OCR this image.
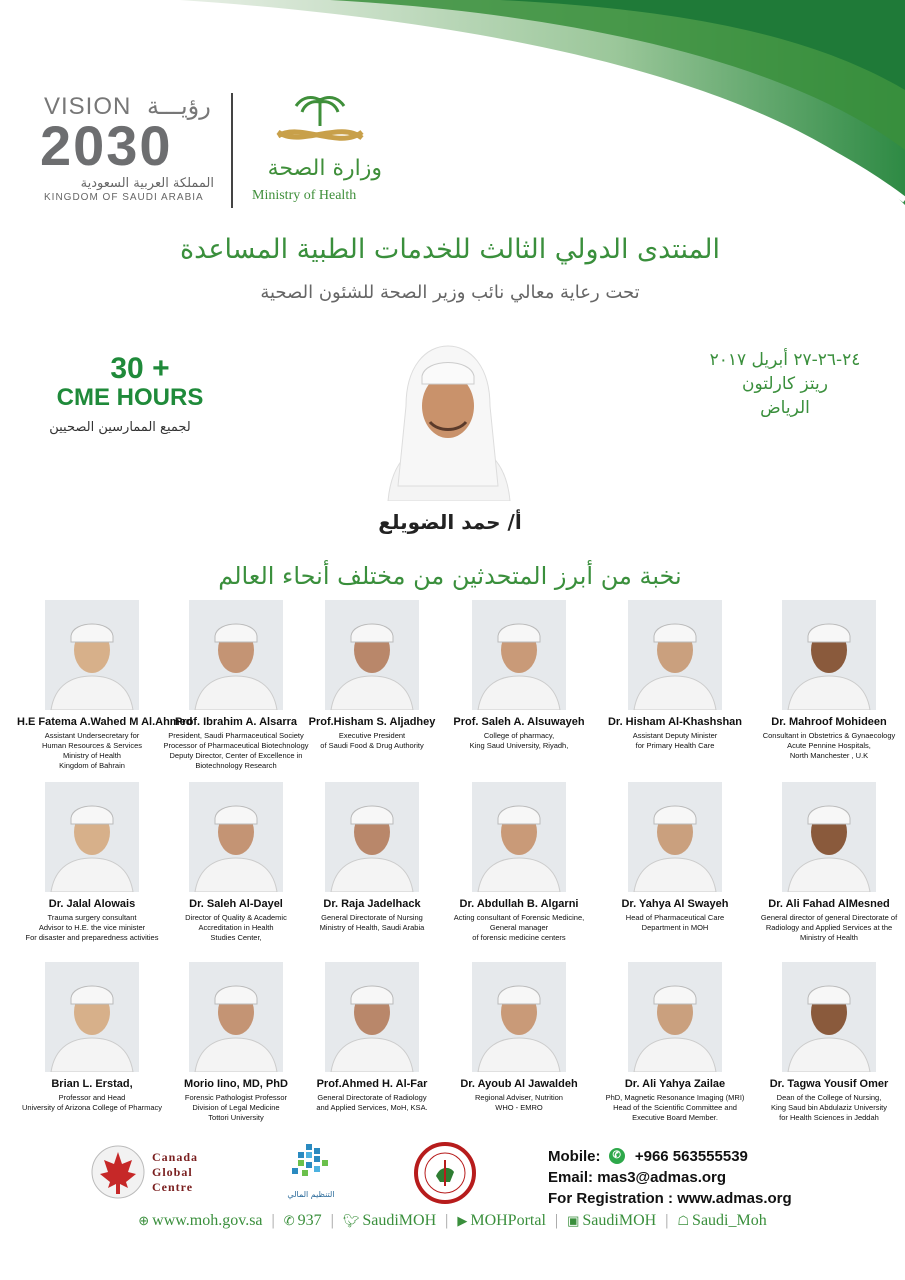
VISION رؤيـــة
2030
المملكة العربية السعودية
KINGDOM OF SAUDI ARABIA
وزارة الصحة
Ministry of Health
المنتدى الدولي الثالث للخدمات الطبية المساعدة
تحت رعاية معالي نائب وزير الصحة للشئون الصحية
30 +
CME HOURS
لجميع الممارسين الصحيين
٢٤-٢٦-٢٧ أبريل ٢٠١٧
ريتز كارلتون
الرياض
أ/ حمد الضويلع
نخبة من أبرز المتحدثين من مختلف أنحاء العالم
H.E Fatema A.Wahed M Al.Ahmed
Assistant Undersecretary for
Human Resources & Services
Ministry of Health
Kingdom of Bahrain
Prof. Ibrahim A. Alsarra
President, Saudi Pharmaceutical Society
Processor of Pharmaceutical Biotechnology
Deputy Director, Center of Excellence in
Biotechnology Research
Prof.Hisham S. Aljadhey
Executive President
of Saudi Food & Drug Authority
Prof. Saleh A. Alsuwayeh
College of pharmacy,
King Saud University, Riyadh,
Dr. Hisham Al-Khashshan
Assistant Deputy Minister
for Primary Health Care
Dr. Mahroof Mohideen
Consultant in Obstetrics & Gynaecology
Acute Pennine Hospitals,
North Manchester , U.K
Dr. Jalal Alowais
Trauma surgery consultant
Advisor to H.E. the vice minister
For disaster and preparedness activities
Dr. Saleh Al-Dayel
Director of Quality & Academic
Accreditation in Health
Studies Center,
Dr. Raja Jadelhack
General Directorate of Nursing
Ministry of Health, Saudi Arabia
Dr. Abdullah B. Algarni
Acting consultant of Forensic Medicine,
General manager
of forensic medicine centers
Dr. Yahya Al Swayeh
Head of Pharmaceutical Care
Department in MOH
Dr. Ali Fahad AlMesned
General director of general Directorate of
Radiology and Applied Services at the
Ministry of Health
Brian L. Erstad,
Professor and Head
University of Arizona College of Pharmacy
Morio Iino, MD, PhD
Forensic Pathologist Professor
Division of Legal Medicine
Tottori University
Prof.Ahmed H. Al-Far
General Directorate of Radiology
and Applied Services, MoH, KSA.
Dr. Ayoub Al Jawaldeh
Regional Adviser, Nutrition
WHO - EMRO
Dr. Ali Yahya Zailae
PhD, Magnetic Resonance Imaging (MRI)
Head of the Scientific Committee and
Executive Board Member.
Dr. Tagwa Yousif Omer
Dean of the College of Nursing,
King Saud bin Abdulaziz University
for Health Sciences in Jeddah
Canada
Global
Centre
التنظيم المالي
Mobile: ✆ +966 563555539
Email: mas3@admas.org
For Registration : www.admas.org
⊕ www.moh.gov.sa | ✆ 937 | 🐦︎ SaudiMOH | ▶ MOHPortal | ▣ SaudiMOH | ☖ Saudi_Moh
